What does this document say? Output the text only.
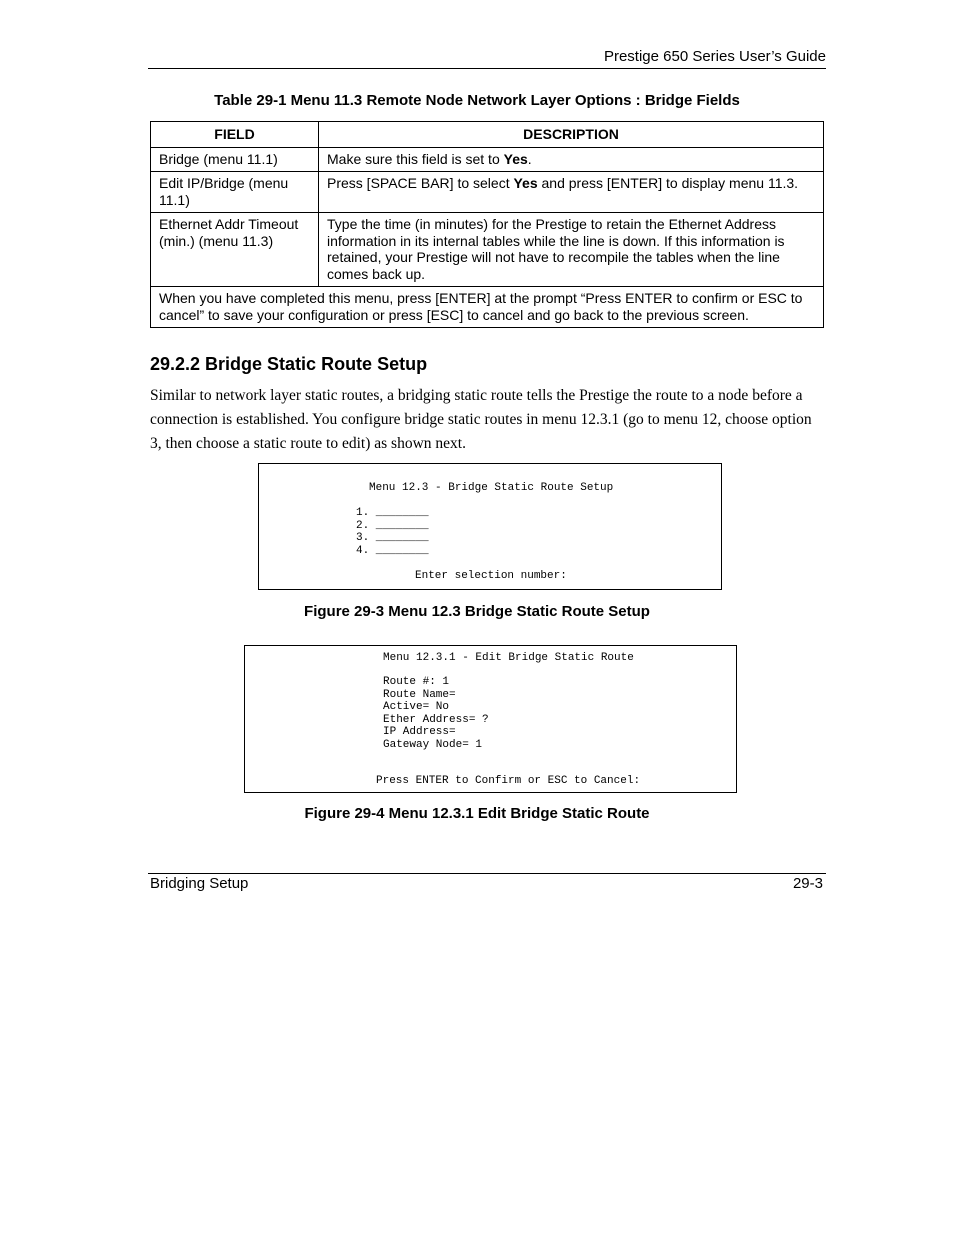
Prestige 650 Series User’s Guide
Table 29-1 Menu 11.3 Remote Node Network Layer Options : Bridge Fields
FIELD	DESCRIPTION
Bridge (menu 11.1)	Make sure this field is set to Yes.
Edit IP/Bridge (menu 11.1)	Press [SPACE BAR] to select Yes and press [ENTER] to display menu 11.3.
Ethernet Addr Timeout (min.) (menu 11.3)	Type the time (in minutes) for the Prestige to retain the Ethernet Address information in its internal tables while the line is down. If this information is retained, your Prestige will not have to recompile the tables when the line comes back up.
When you have completed this menu, press [ENTER] at the prompt “Press ENTER to confirm or ESC to cancel” to save your configuration or press [ESC] to cancel and go back to the previous screen.	
29.2.2 Bridge Static Route Setup
Similar to network layer static routes, a bridging static route tells the Prestige the route to a node before a connection is established. You configure bridge static routes in menu 12.3.1 (go to menu 12, choose option 3, then choose a static route to edit) as shown next.
Menu 12.3 - Bridge Static Route Setup
1. ________
2. ________
3. ________
4. ________
Enter selection number:
Figure 29-3 Menu 12.3 Bridge Static Route Setup
Menu 12.3.1 - Edit Bridge Static Route
Route #: 1
Route Name=
Active= No
Ether Address= ?
IP Address=
Gateway Node= 1
Press ENTER to Confirm or ESC to Cancel:
Figure 29-4 Menu 12.3.1 Edit Bridge Static Route
Bridging Setup	29-3
